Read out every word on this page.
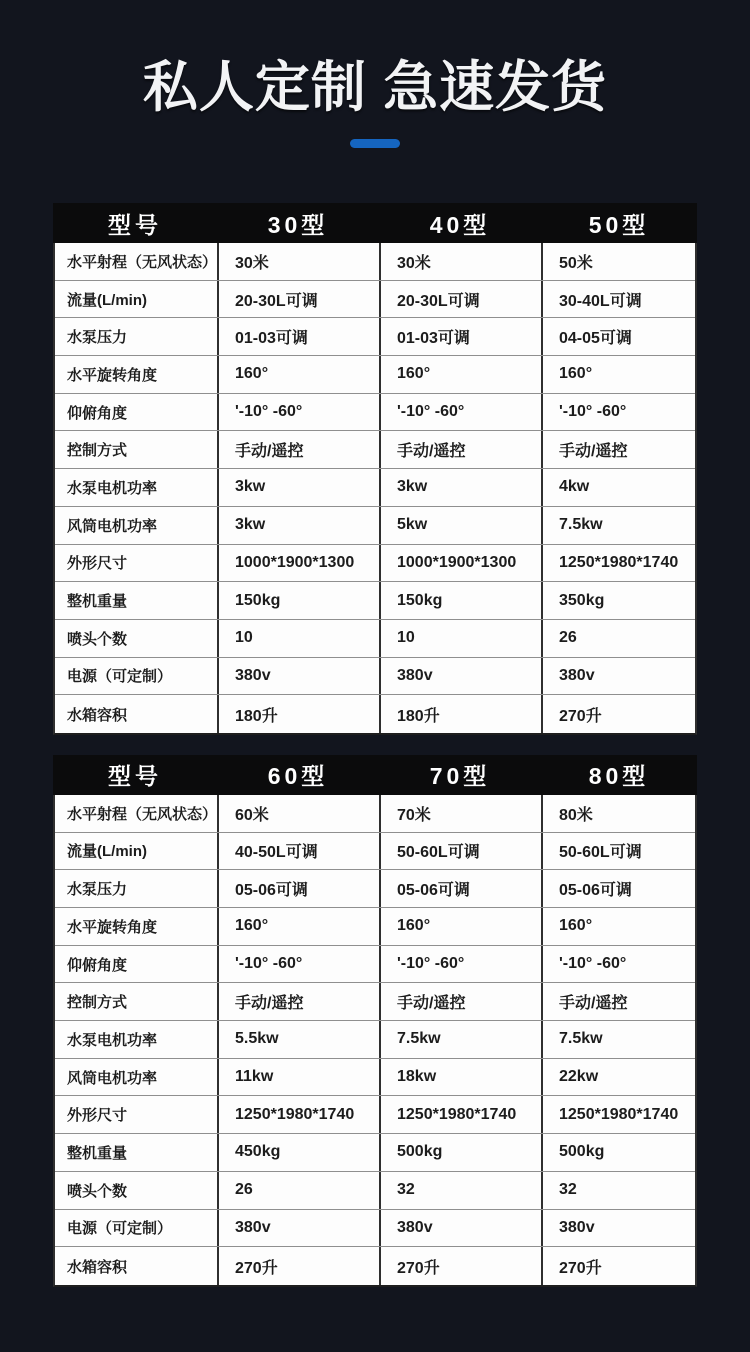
私人定制 急速发货
型号	30型	40型	50型
水平射程（无风状态）	30米	30米	50米
流量(L/min)	20-30L可调	20-30L可调	30-40L可调
水泵压力	01-03可调	01-03可调	04-05可调
水平旋转角度	160°	160°	160°
仰俯角度	'-10° -60°	'-10° -60°	'-10° -60°
控制方式	手动/遥控	手动/遥控	手动/遥控
水泵电机功率	3kw	3kw	4kw
风筒电机功率	3kw	5kw	7.5kw
外形尺寸	1000*1900*1300	1000*1900*1300	1250*1980*1740
整机重量	150kg	150kg	350kg
喷头个数	10	10	26
电源（可定制）	380v	380v	380v
水箱容积	180升	180升	270升
型号	60型	70型	80型
水平射程（无风状态）	60米	70米	80米
流量(L/min)	40-50L可调	50-60L可调	50-60L可调
水泵压力	05-06可调	05-06可调	05-06可调
水平旋转角度	160°	160°	160°
仰俯角度	'-10° -60°	'-10° -60°	'-10° -60°
控制方式	手动/遥控	手动/遥控	手动/遥控
水泵电机功率	5.5kw	7.5kw	7.5kw
风筒电机功率	11kw	18kw	22kw
外形尺寸	1250*1980*1740	1250*1980*1740	1250*1980*1740
整机重量	450kg	500kg	500kg
喷头个数	26	32	32
电源（可定制）	380v	380v	380v
水箱容积	270升	270升	270升
